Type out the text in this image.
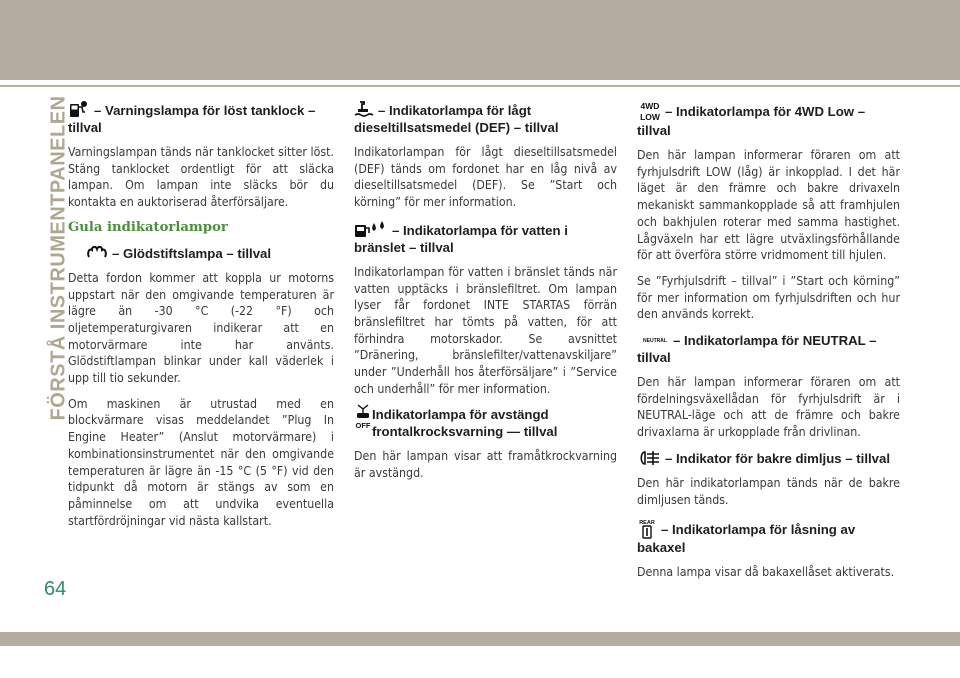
FÖRSTÅ INSTRUMENTPANELEN	– Varningslampa för löst tanklock – tillval

Varningslampan tänds när tanklocket sitter löst. Stäng tanklocket ordentligt för att släcka lampan. Om lampan inte släcks bör du kontakta en auktoriserad återförsäljare.

Gula indikatorlampor
– Glödstiftslampa – tillval

Detta fordon kommer att koppla ur motorns uppstart när den omgivande temperaturen är lägre än -30 °C (-22 °F) och oljetemperaturgivaren indikerar att en motorvärmare inte har använts. Glödstiftlampan blinkar under kall väderlek i upp till tio sekunder.

Om maskinen är utrustad med en blockvärmare visas meddelandet ”Plug In Engine Heater” (Anslut motorvärmare) i kombinationsinstrumentet när den omgivande temperaturen är lägre än -15 °C (5 °F) vid den tidpunkt då motorn är stängs av som en påminnelse om att undvika eventuella startfördröjningar vid nästa kallstart.

– Indikatorlampa för lågt dieseltillsatsmedel (DEF) – tillval

Indikatorlampan för lågt dieseltillsatsmedel (DEF) tänds om fordonet har en låg nivå av dieseltillsatsmedel (DEF). Se ”Start och körning” för mer information.

– Indikatorlampa för vatten i bränslet – tillval

Indikatorlampan för vatten i bränslet tänds när vatten upptäcks i bränslefiltret. Om lampan lyser får fordonet INTE STARTAS förrän bränslefiltret har tömts på vatten, för att förhindra motorskador. Se avsnittet ”Dränering, bränslefilter/vattenavskiljare” under ”Underhåll hos återförsäljare” i ”Service och underhåll” för mer information.

OFF
Indikatorlampa för avstängd frontalkrocksvarning — tillval

Den här lampan visar att framåtkrockvarning är avstängd.

4WD
LOW – Indikatorlampa för 4WD Low – tillval

Den här lampan informerar föraren om att fyrhjulsdrift LOW (låg) är inkopplad. I det här läget är den främre och bakre drivaxeln mekaniskt sammankopplade så att framhjulen och bakhjulen roterar med samma hastighet. Lågväxeln har ett lägre utväxlingsförhållande för att överföra större vridmoment till hjulen.

Se ”Fyrhjulsdrift – tillval” i ”Start och körning” för mer information om fyrhjulsdriften och hur den används korrekt.

NEUTRAL – Indikatorlampa för NEUTRAL – tillval

Den här lampan informerar föraren om att fördelningsväxellådan för fyrhjulsdrift är i NEUTRAL-läge och att de främre och bakre drivaxlarna är urkopplade från drivlinan.

– Indikator för bakre dimljus – tillval

Den här indikatorlampan tänds när de bakre dimljusen tänds.

REAR – Indikatorlampa för låsning av bakaxel

Denna lampa visar då bakaxellåset aktiverats.

64
